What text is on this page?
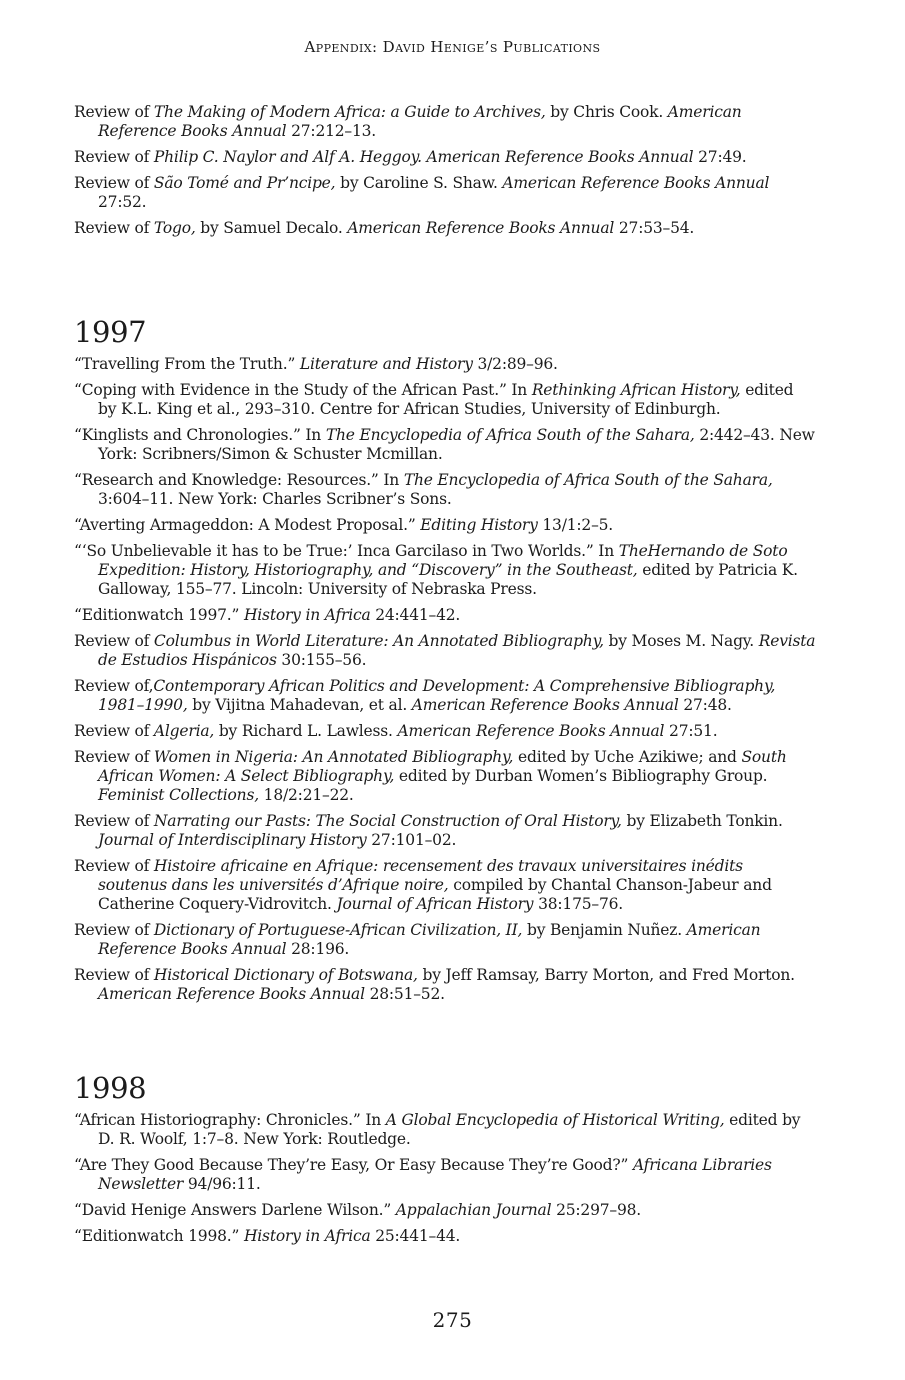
Appendix: David Henige’s Publications

Review of The Making of Modern Africa: a Guide to Archives, by Chris Cook. American Reference Books Annual 27:212–13.

Review of Philip C. Naylor and Alf A. Heggoy. American Reference Books Annual 27:49.

Review of São Tomé and Pr’ncipe, by Caroline S. Shaw. American Reference Books Annual 27:52.

Review of Togo, by Samuel Decalo. American Reference Books Annual 27:53–54.

1997

“Travelling From the Truth.” Literature and History 3/2:89–96.

“Coping with Evidence in the Study of the African Past.” In Rethinking African History, edited by K.L. King et al., 293–310. Centre for African Studies, University of Edinburgh.

“Kinglists and Chronologies.” In The Encyclopedia of Africa South of the Sahara, 2:442–43. New York: Scribners/Simon & Schuster Mcmillan.

“Research and Knowledge: Resources.” In The Encyclopedia of Africa South of the Sahara, 3:604–11. New York: Charles Scribner’s Sons.

“Averting Armageddon: A Modest Proposal.” Editing History 13/1:2–5.

“‘So Unbelievable it has to be True:’ Inca Garcilaso in Two Worlds.” In TheHernando de Soto Expedition: History, Historiography, and “Discovery” in the Southeast, edited by Patricia K. Galloway, 155–77. Lincoln: University of Nebraska Press.

“Editionwatch 1997.” History in Africa 24:441–42.

Review of Columbus in World Literature: An Annotated Bibliography, by Moses M. Nagy. Revista de Estudios Hispánicos 30:155–56.

Review of,Contemporary African Politics and Development: A Comprehensive Bibliography, 1981–1990, by Vijitna Mahadevan, et al. American Reference Books Annual 27:48.

Review of Algeria, by Richard L. Lawless. American Reference Books Annual 27:51.

Review of Women in Nigeria: An Annotated Bibliography, edited by Uche Azikiwe; and South African Women: A Select Bibliography, edited by Durban Women’s Bibliography Group. Feminist Collections, 18/2:21–22.

Review of Narrating our Pasts: The Social Construction of Oral History, by Elizabeth Tonkin. Journal of Interdisciplinary History 27:101–02.

Review of Histoire africaine en Afrique: recensement des travaux universitaires inédits soutenus dans les universités d’Afrique noire, compiled by Chantal Chanson-Jabeur and Catherine Coquery-Vidrovitch. Journal of African History 38:175–76.

Review of Dictionary of Portuguese-African Civilization, II, by Benjamin Nuñez. American Reference Books Annual 28:196.

Review of Historical Dictionary of Botswana, by Jeff Ramsay, Barry Morton, and Fred Morton. American Reference Books Annual 28:51–52.

1998

“African Historiography: Chronicles.” In A Global Encyclopedia of Historical Writing, edited by D. R. Woolf, 1:7–8. New York: Routledge.

“Are They Good Because They’re Easy, Or Easy Because They’re Good?” Africana Libraries Newsletter 94/96:11.

“David Henige Answers Darlene Wilson.” Appalachian Journal 25:297–98.

“Editionwatch 1998.” History in Africa 25:441–44.

275
